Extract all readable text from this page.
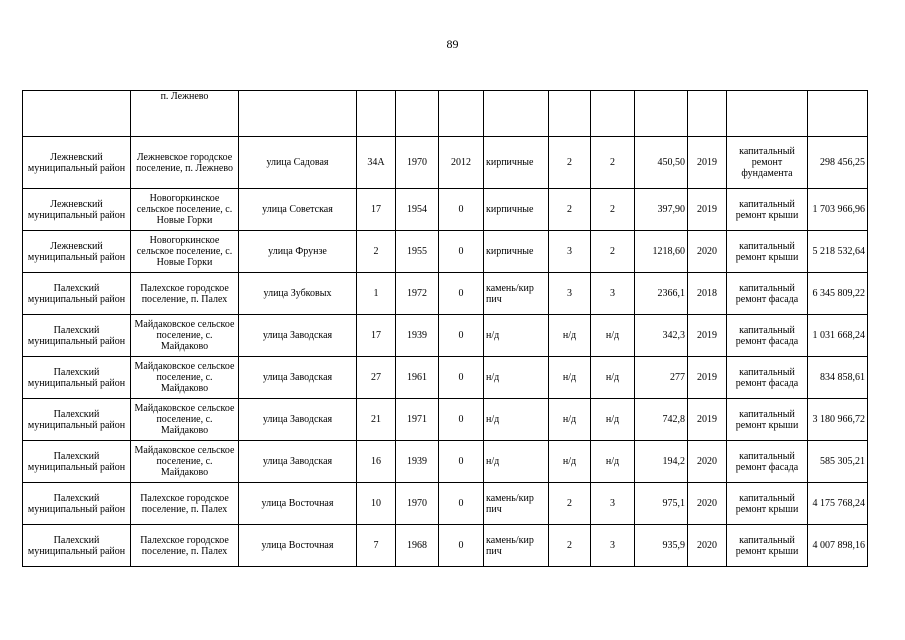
89
	п. Лежнево											
Лежневский муниципальный район	Лежневское городское поселение, п. Лежнево	улица Садовая	34А	1970	2012	кирпичные	2	2	450,50	2019	капитальный ремонт фундамента	298 456,25
Лежневский муниципальный район	Новогоркинское сельское поселение, с. Новые Горки	улица Советская	17	1954	0	кирпичные	2	2	397,90	2019	капитальный ремонт крыши	1 703 966,96
Лежневский муниципальный район	Новогоркинское сельское поселение, с. Новые Горки	улица Фрунзе	2	1955	0	кирпичные	3	2	1218,60	2020	капитальный ремонт крыши	5 218 532,64
Палехский муниципальный район	Палехское городское поселение, п. Палех	улица Зубковых	1	1972	0	камень/кир пич	3	3	2366,1	2018	капитальный ремонт фасада	6 345 809,22
Палехский муниципальный район	Майдаковское сельское поселение, с. Майдаково	улица Заводская	17	1939	0	н/д	н/д	н/д	342,3	2019	капитальный ремонт фасада	1 031 668,24
Палехский муниципальный район	Майдаковское сельское поселение, с. Майдаково	улица Заводская	27	1961	0	н/д	н/д	н/д	277	2019	капитальный ремонт фасада	834 858,61
Палехский муниципальный район	Майдаковское сельское поселение, с. Майдаково	улица Заводская	21	1971	0	н/д	н/д	н/д	742,8	2019	капитальный ремонт крыши	3 180 966,72
Палехский муниципальный район	Майдаковское сельское поселение, с. Майдаково	улица Заводская	16	1939	0	н/д	н/д	н/д	194,2	2020	капитальный ремонт фасада	585 305,21
Палехский муниципальный район	Палехское городское поселение, п. Палех	улица Восточная	10	1970	0	камень/кир пич	2	3	975,1	2020	капитальный ремонт крыши	4 175 768,24
Палехский муниципальный район	Палехское городское поселение, п. Палех	улица Восточная	7	1968	0	камень/кир пич	2	3	935,9	2020	капитальный ремонт крыши	4 007 898,16
